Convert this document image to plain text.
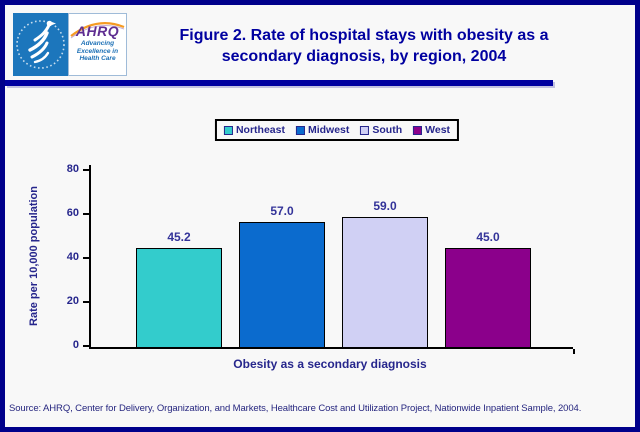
AHRQ
Advancing
Excellence in
Health Care
Figure 2. Rate of hospital stays with obesity as a
secondary diagnosis, by region, 2004
Northeast Midwest South West
Rate per 10,000 population
0
20
40
60
80
45.2
57.0	59.0
45.0
Obesity as a secondary diagnosis
Source: AHRQ, Center for Delivery, Organization, and Markets, Healthcare Cost and Utilization Project, Nationwide Inpatient Sample, 2004.
